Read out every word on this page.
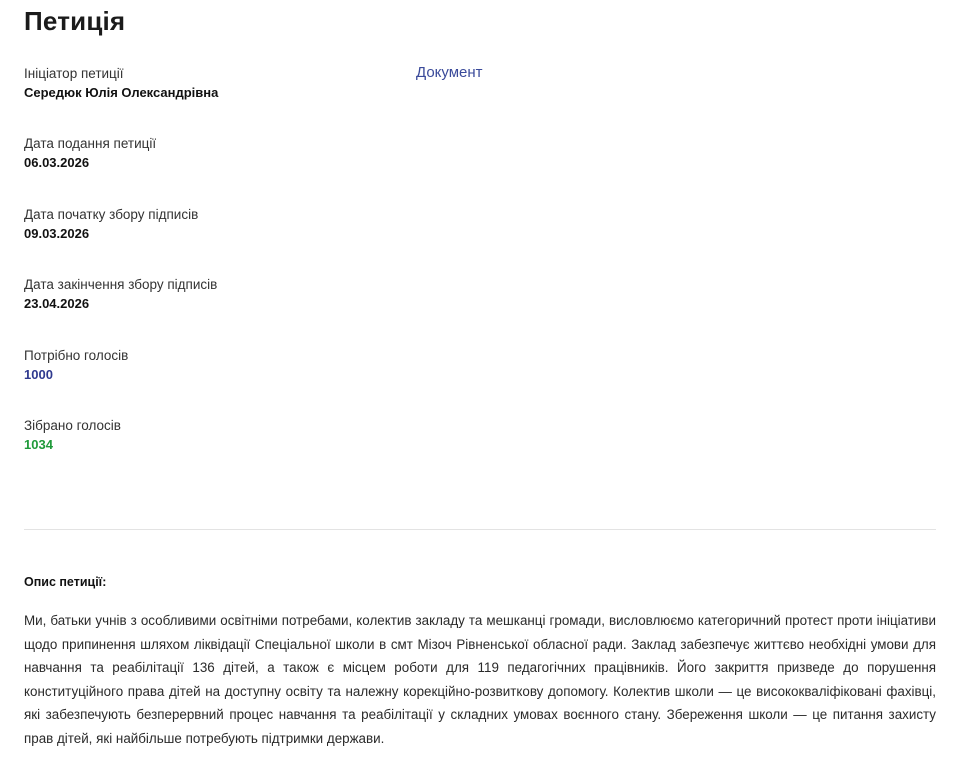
Петиція
Документ
Ініціатор петиції
Середюк Юлія Олександрівна
Дата подання петиції
06.03.2026
Дата початку збору підписів
09.03.2026
Дата закінчення збору підписів
23.04.2026
Потрібно голосів
1000
Зібрано голосів
1034
Опис петиції:

Ми, батьки учнів з особливими освітніми потребами, колектив закладу та мешканці громади, висловлюємо категоричний протест проти ініціативи щодо припинення шляхом ліквідації Спеціальної школи в смт Мізоч Рівненської обласної ради. Заклад забезпечує життєво необхідні умови для навчання та реабілітації 136 дітей, а також є місцем роботи для 119 педагогічних працівників. Його закриття призведе до порушення конституційного права дітей на доступну освіту та належну корекційно-розвиткову допомогу. Колектив школи — це висококваліфіковані фахівці, які забезпечують безперервний процес навчання та реабілітації у складних умовах воєнного стану. Збереження школи — це питання захисту прав дітей, які найбільше потребують підтримки держави.
